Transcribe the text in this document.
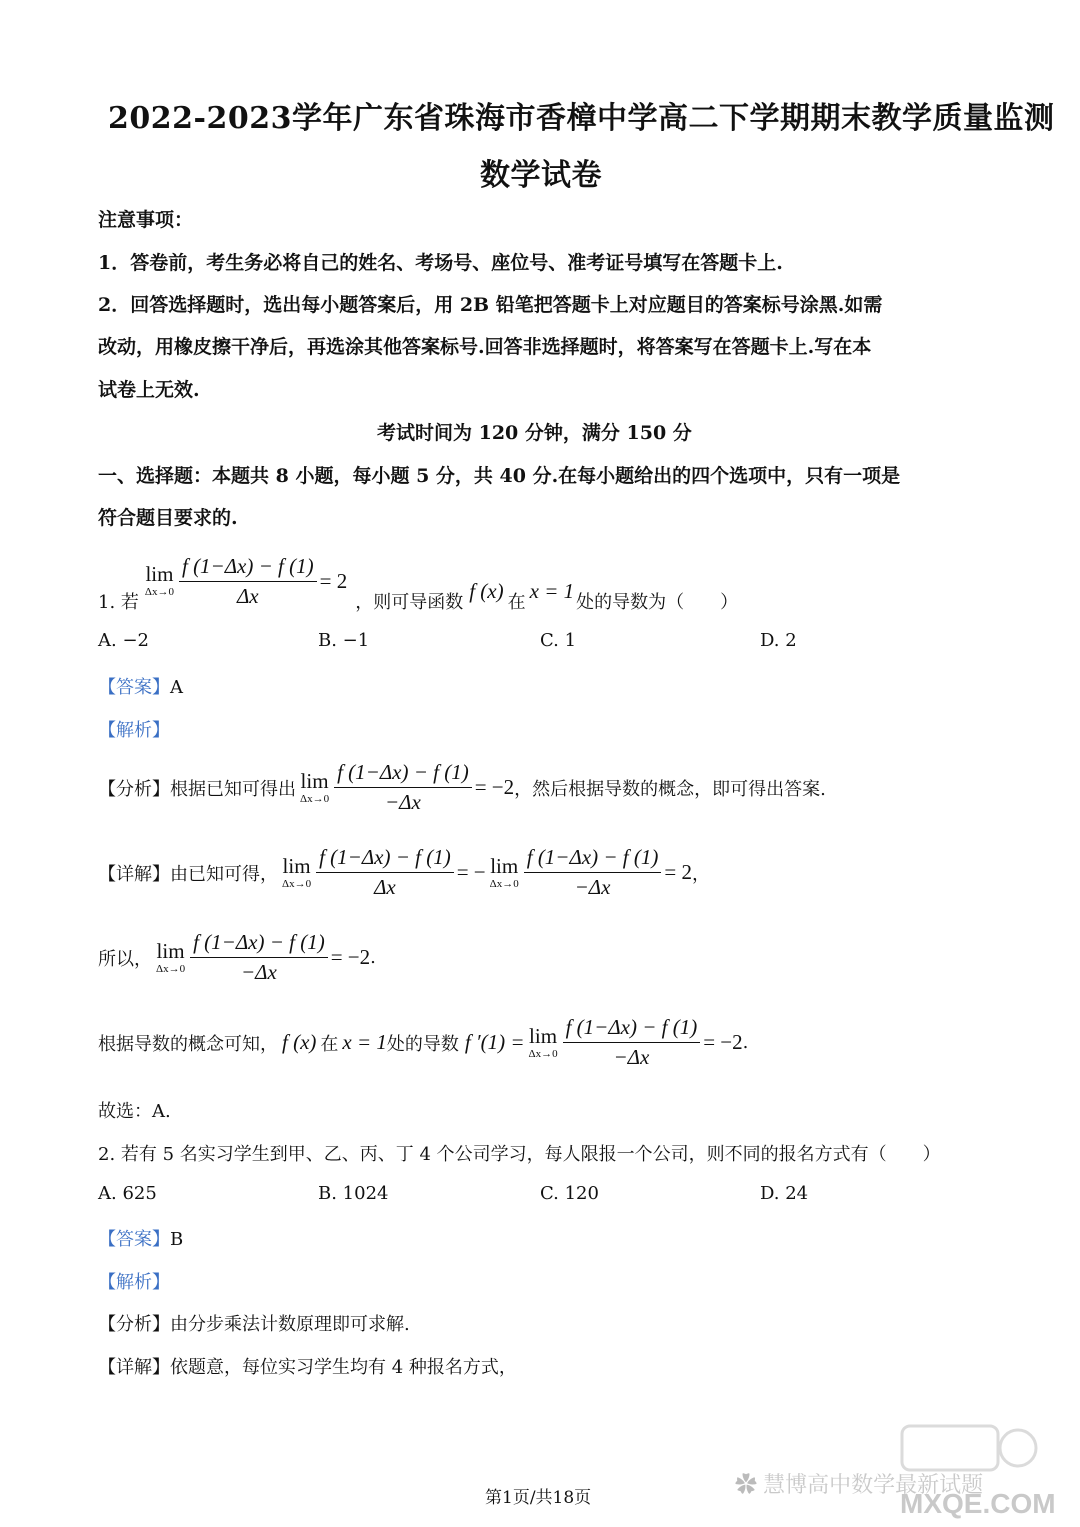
2022-2023学年广东省珠海市香樟中学高二下学期期末教学质量监测
数学试卷
注意事项：
1．答卷前，考生务必将自己的姓名、考场号、座位号、准考证号填写在答题卡上.
2．回答选择题时，选出每小题答案后，用 2B 铅笔把答题卡上对应题目的答案标号涂黑.如需
改动，用橡皮擦干净后，再选涂其他答案标号.回答非选择题时，将答案写在答题卡上.写在本
试卷上无效.
考试时间为 120 分钟，满分 150 分
一、选择题：本题共 8 小题，每小题 5 分，共 40 分.在每小题给出的四个选项中，只有一项是
符合题目要求的.
1. 若
lim
$\Delta x\to 0 \frac{f (1-\Delta x) - f (1)}{\Delta x} = 2$
，则可导函数 f (x) 在 x = 1 处的导数为（　　）
A. −2	B. −1	C. 1	D. 2
【答案】A
【解析】
【分析】 根据已知可得出 lim
$\Delta x\to 0 \frac{f (1-\Delta x) - f (1)}{-\Delta x} = -2$ ，然后根据导数的概念，即可得出答案.
【详解】 由已知可得， lim
$\Delta x\to 0 \frac{f (1-\Delta x) - f (1)}{\Delta x}$ = − lim
$\Delta x\to 0 \frac{f (1-\Delta x) - f (1)}{-\Delta x} = 2$ ，
所以， lim
$\Delta x\to 0 \frac{f (1-\Delta x) - f (1)}{-\Delta x} = -2$ .
根据导数的概念可知， f (x) 在 x = 1 处的导数 f ′(1) = lim
$\Delta x\to 0 \frac{f (1-\Delta x) - f (1)}{-\Delta x} = -2$ .
故选：A.
2. 若有 5 名实习学生到甲、乙、丙、丁 4 个公司学习，每人限报一个公司，则不同的报名方式有（　　）
A. 625	B. 1024	C. 120	D. 24
【答案】B
【解析】
【分析】由分步乘法计数原理即可求解.
【详解】依题意，每位实习学生均有 4 种报名方式，
✿ 慧博高中数学最新试题
MXQE.COM
第1页/共18页
